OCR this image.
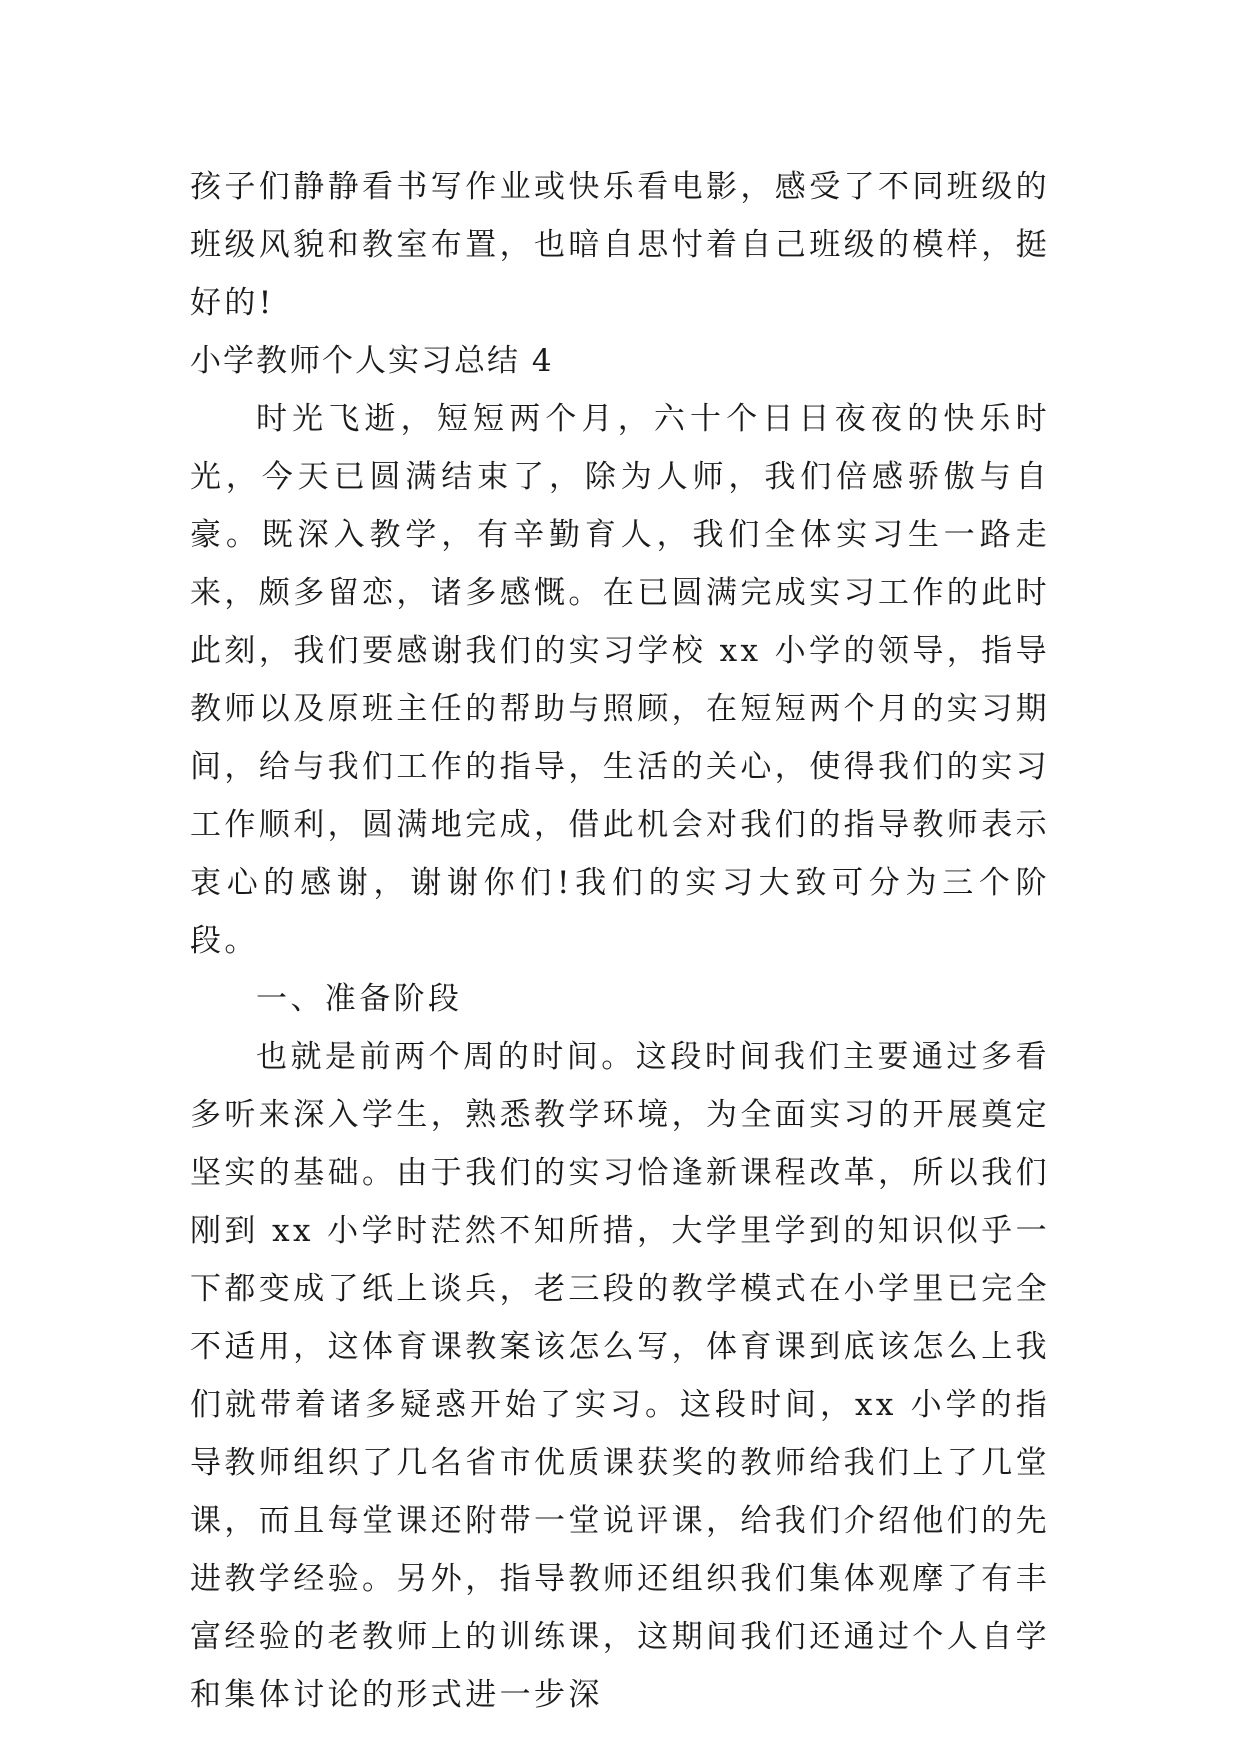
孩子们静静看书写作业或快乐看电影，感受了不同班级的班级风貌和教室布置，也暗自思忖着自己班级的模样，挺好的!

小学教师个人实习总结 4

时光飞逝，短短两个月，六十个日日夜夜的快乐时光，今天已圆满结束了，除为人师，我们倍感骄傲与自豪。既深入教学，有辛勤育人，我们全体实习生一路走来，颇多留恋，诸多感慨。在已圆满完成实习工作的此时此刻，我们要感谢我们的实习学校 xx 小学的领导，指导教师以及原班主任的帮助与照顾，在短短两个月的实习期间，给与我们工作的指导，生活的关心，使得我们的实习工作顺利，圆满地完成，借此机会对我们的指导教师表示衷心的感谢，谢谢你们!我们的实习大致可分为三个阶段。

一、准备阶段

也就是前两个周的时间。这段时间我们主要通过多看多听来深入学生，熟悉教学环境，为全面实习的开展奠定坚实的基础。由于我们的实习恰逢新课程改革，所以我们刚到 xx 小学时茫然不知所措，大学里学到的知识似乎一下都变成了纸上谈兵，老三段的教学模式在小学里已完全不适用，这体育课教案该怎么写，体育课到底该怎么上我们就带着诸多疑惑开始了实习。这段时间，xx 小学的指导教师组织了几名省市优质课获奖的教师给我们上了几堂课，而且每堂课还附带一堂说评课，给我们介绍他们的先进教学经验。另外，指导教师还组织我们集体观摩了有丰富经验的老教师上的训练课，这期间我们还通过个人自学和集体讨论的形式进一步深
